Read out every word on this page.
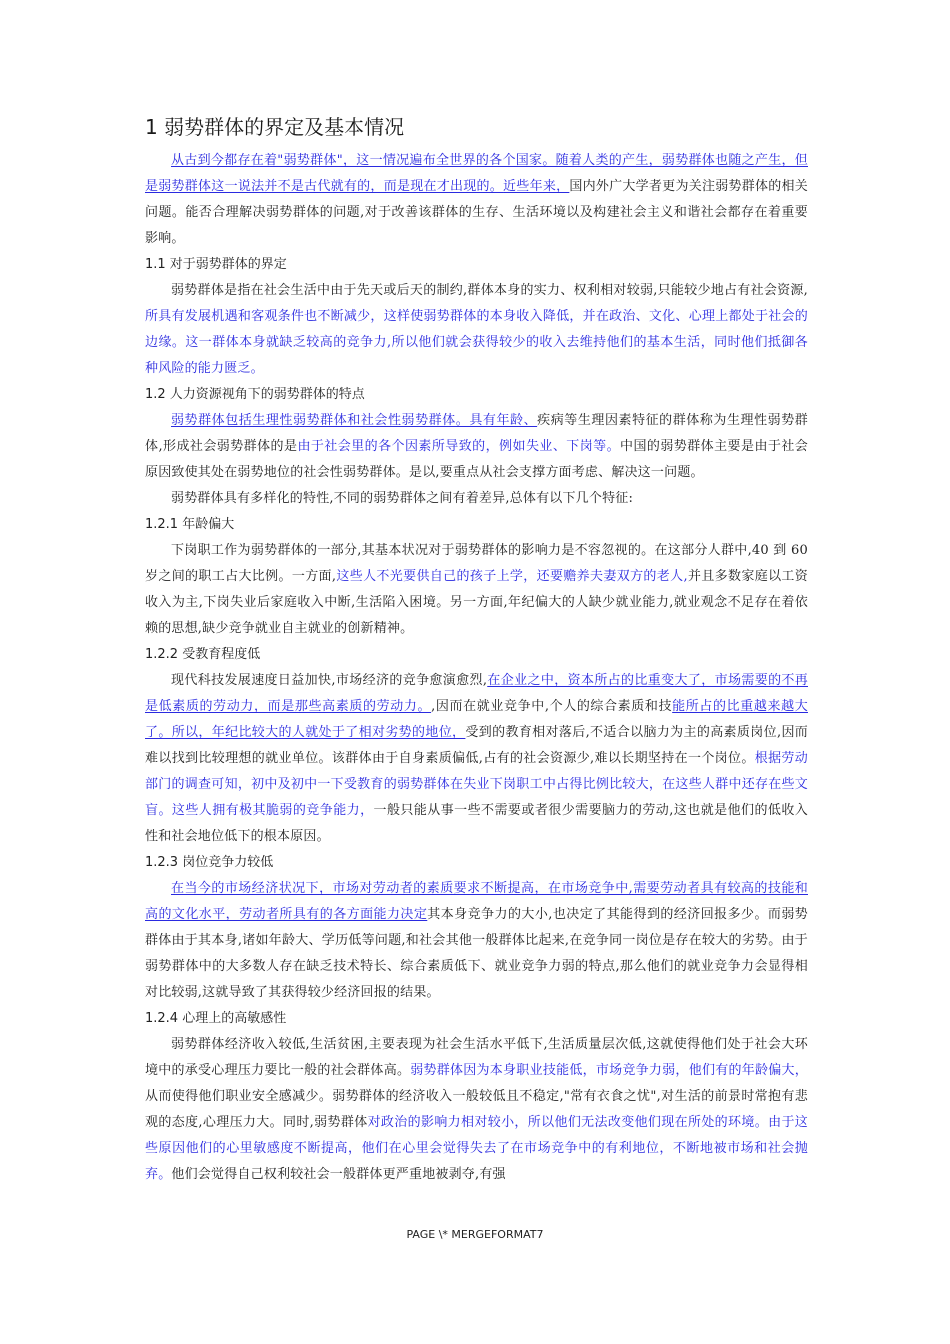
1 弱势群体的界定及基本情况

从古到今都存在着"弱势群体"，这一情况遍布全世界的各个国家。随着人类的产生，弱势群体也随之产生，但是弱势群体这一说法并不是古代就有的，而是现在才出现的。近些年来，国内外广大学者更为关注弱势群体的相关问题。能否合理解决弱势群体的问题,对于改善该群体的生存、生活环境以及构建社会主义和谐社会都存在着重要影响。

1.1 对于弱势群体的界定

弱势群体是指在社会生活中由于先天或后天的制约,群体本身的实力、权利相对较弱,只能较少地占有社会资源,所具有发展机遇和客观条件也不断减少，这样使弱势群体的本身收入降低，并在政治、文化、心理上都处于社会的边缘。这一群体本身就缺乏较高的竞争力,所以他们就会获得较少的收入去维持他们的基本生活，同时他们抵御各种风险的能力匮乏。

1.2 人力资源视角下的弱势群体的特点

弱势群体包括生理性弱势群体和社会性弱势群体。具有年龄、疾病等生理因素特征的群体称为生理性弱势群体,形成社会弱势群体的是由于社会里的各个因素所导致的，例如失业、下岗等。中国的弱势群体主要是由于社会原因致使其处在弱势地位的社会性弱势群体。是以,要重点从社会支撑方面考虑、解决这一问题。

弱势群体具有多样化的特性,不同的弱势群体之间有着差异,总体有以下几个特征:

1.2.1 年龄偏大

下岗职工作为弱势群体的一部分,其基本状况对于弱势群体的影响力是不容忽视的。在这部分人群中,40 到 60 岁之间的职工占大比例。一方面,这些人不光要供自己的孩子上学，还要赡养夫妻双方的老人,并且多数家庭以工资收入为主,下岗失业后家庭收入中断,生活陷入困境。另一方面,年纪偏大的人缺少就业能力,就业观念不足存在着依赖的思想,缺少竞争就业自主就业的创新精神。

1.2.2 受教育程度低

现代科技发展速度日益加快,市场经济的竞争愈演愈烈,在企业之中，资本所占的比重变大了，市场需要的不再是低素质的劳动力，而是那些高素质的劳动力。,因而在就业竞争中,个人的综合素质和技能所占的比重越来越大了。所以，年纪比较大的人就处于了相对劣势的地位，受到的教育相对落后,不适合以脑力为主的高素质岗位,因而难以找到比较理想的就业单位。该群体由于自身素质偏低,占有的社会资源少,难以长期坚持在一个岗位。根据劳动部门的调查可知，初中及初中一下受教育的弱势群体在失业下岗职工中占得比例比较大，在这些人群中还存在些文盲。这些人拥有极其脆弱的竞争能力，一般只能从事一些不需要或者很少需要脑力的劳动,这也就是他们的低收入性和社会地位低下的根本原因。

1.2.3 岗位竞争力较低

在当今的市场经济状况下，市场对劳动者的素质要求不断提高，在市场竞争中,需要劳动者具有较高的技能和高的文化水平，劳动者所具有的各方面能力决定其本身竞争力的大小,也决定了其能得到的经济回报多少。而弱势群体由于其本身,诸如年龄大、学历低等问题,和社会其他一般群体比起来,在竞争同一岗位是存在较大的劣势。由于弱势群体中的大多数人存在缺乏技术特长、综合素质低下、就业竞争力弱的特点,那么他们的就业竞争力会显得相对比较弱,这就导致了其获得较少经济回报的结果。

1.2.4 心理上的高敏感性

弱势群体经济收入较低,生活贫困,主要表现为社会生活水平低下,生活质量层次低,这就使得他们处于社会大环境中的承受心理压力要比一般的社会群体高。弱势群体因为本身职业技能低，市场竞争力弱，他们有的年龄偏大，从而使得他们职业安全感减少。弱势群体的经济收入一般较低且不稳定,"常有衣食之忧",对生活的前景时常抱有悲观的态度,心理压力大。同时,弱势群体对政治的影响力相对较小，所以他们无法改变他们现在所处的环境。由于这些原因他们的心里敏感度不断提高，他们在心里会觉得失去了在市场竞争中的有利地位，不断地被市场和社会抛弃。他们会觉得自己权利较社会一般群体更严重地被剥夺,有强

PAGE \* MERGEFORMAT7
